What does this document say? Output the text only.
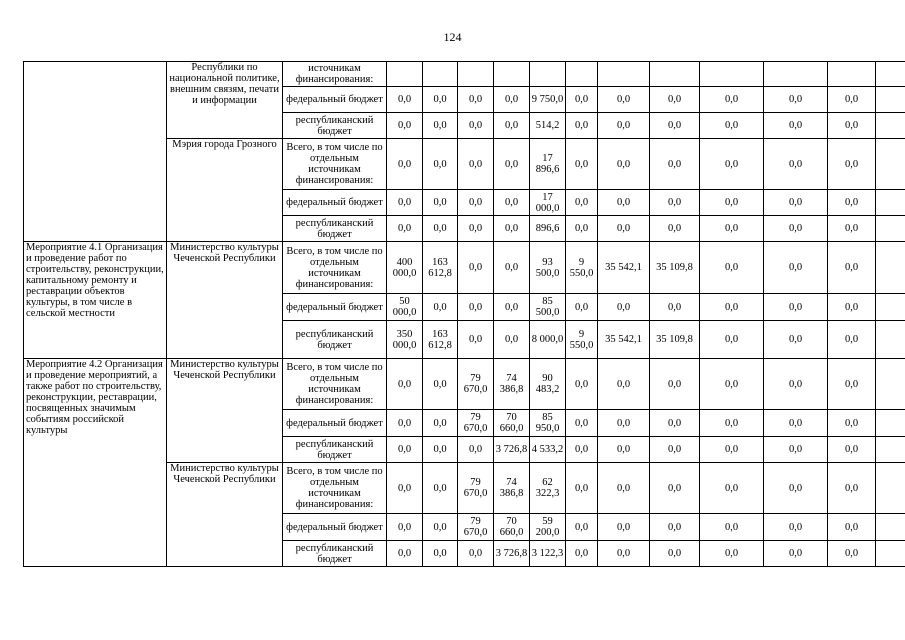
124
	Республики по национальной политике, внешним связям, печати и информации	источникам финансирования:												
		федеральный бюджет	0,0	0,0	0,0	0,0	9 750,0	0,0	0,0	0,0	0,0	0,0	0,0	
		республиканский бюджет	0,0	0,0	0,0	0,0	514,2	0,0	0,0	0,0	0,0	0,0	0,0	
	Мэрия города Грозного	Всего, в том числе по отдельным источникам финансирования:	0,0	0,0	0,0	0,0	17 896,6	0,0	0,0	0,0	0,0	0,0	0,0	
		федеральный бюджет	0,0	0,0	0,0	0,0	17 000,0	0,0	0,0	0,0	0,0	0,0	0,0	
		республиканский бюджет	0,0	0,0	0,0	0,0	896,6	0,0	0,0	0,0	0,0	0,0	0,0	
Мероприятие 4.1 Организация и проведение работ по строительству, реконструкции, капитальному ремонту и реставрации объектов культуры, в том числе в сельской местности	Министерство культуры Чеченской Республики	Всего, в том числе по отдельным источникам финансирования:	400 000,0	163 612,8	0,0	0,0	93 500,0	9 550,0	35 542,1	35 109,8	0,0	0,0	0,0	
		федеральный бюджет	50 000,0	0,0	0,0	0,0	85 500,0	0,0	0,0	0,0	0,0	0,0	0,0	
		республиканский бюджет	350 000,0	163 612,8	0,0	0,0	8 000,0	9 550,0	35 542,1	35 109,8	0,0	0,0	0,0	
Мероприятие 4.2 Организация и проведение мероприятий, а также работ по строительству, реконструкции, реставрации, посвященных значимым событиям российской культуры	Министерство культуры Чеченской Республики	Всего, в том числе по отдельным источникам финансирования:	0,0	0,0	79 670,0	74 386,8	90 483,2	0,0	0,0	0,0	0,0	0,0	0,0	
		федеральный бюджет	0,0	0,0	79 670,0	70 660,0	85 950,0	0,0	0,0	0,0	0,0	0,0	0,0	
		республиканский бюджет	0,0	0,0	0,0	3 726,8	4 533,2	0,0	0,0	0,0	0,0	0,0	0,0	
	Министерство культуры Чеченской Республики	Всего, в том числе по отдельным источникам финансирования:	0,0	0,0	79 670,0	74 386,8	62 322,3	0,0	0,0	0,0	0,0	0,0	0,0	
		федеральный бюджет	0,0	0,0	79 670,0	70 660,0	59 200,0	0,0	0,0	0,0	0,0	0,0	0,0	
		республиканский бюджет	0,0	0,0	0,0	3 726,8	3 122,3	0,0	0,0	0,0	0,0	0,0	0,0	
